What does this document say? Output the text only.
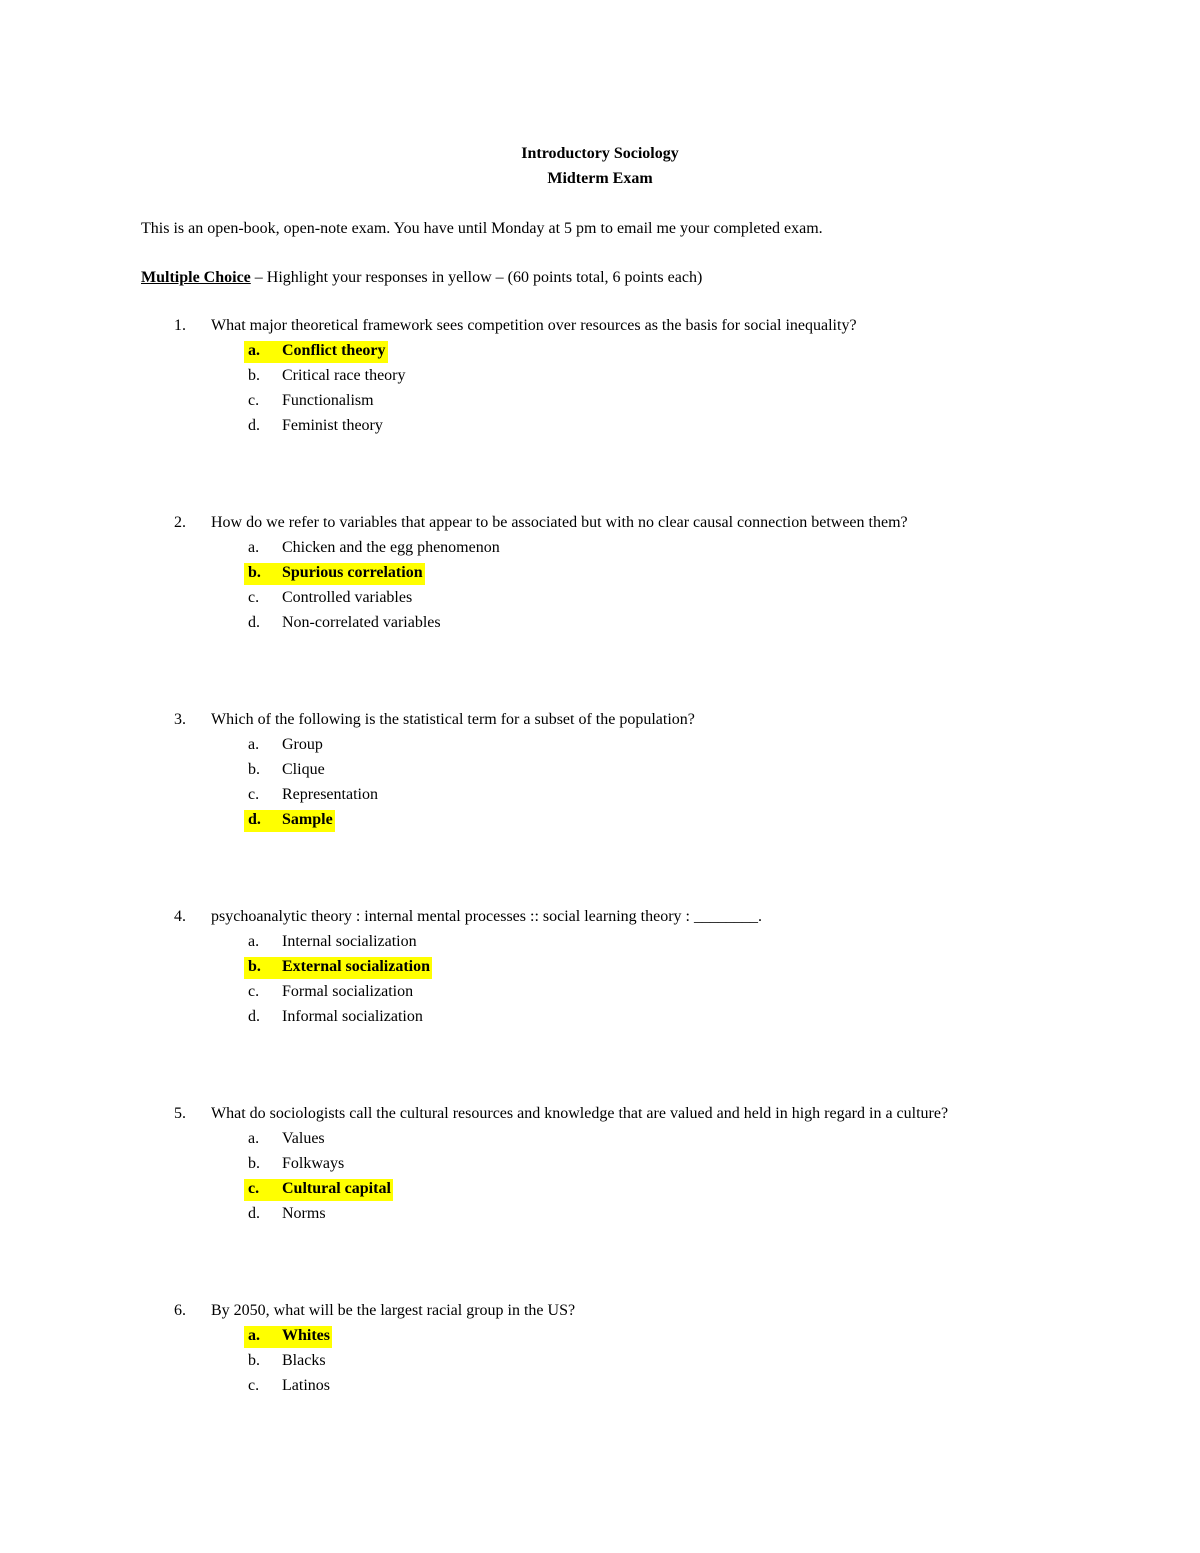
Introductory Sociology
Midterm Exam
This is an open-book, open-note exam. You have until Monday at 5 pm to email me your completed exam.
Multiple Choice – Highlight your responses in yellow – (60 points total, 6 points each)
1. What major theoretical framework sees competition over resources as the basis for social inequality?
a. Conflict theory
b. Critical race theory
c. Functionalism
d. Feminist theory
2. How do we refer to variables that appear to be associated but with no clear causal connection between them?
a. Chicken and the egg phenomenon
b. Spurious correlation
c. Controlled variables
d. Non-correlated variables
3. Which of the following is the statistical term for a subset of the population?
a. Group
b. Clique
c. Representation
d. Sample
4. psychoanalytic theory : internal mental processes :: social learning theory : ________.
a. Internal socialization
b. External socialization
c. Formal socialization
d. Informal socialization
5. What do sociologists call the cultural resources and knowledge that are valued and held in high regard in a culture?
a. Values
b. Folkways
c. Cultural capital
d. Norms
6. By 2050, what will be the largest racial group in the US?
a. Whites
b. Blacks
c. Latinos
